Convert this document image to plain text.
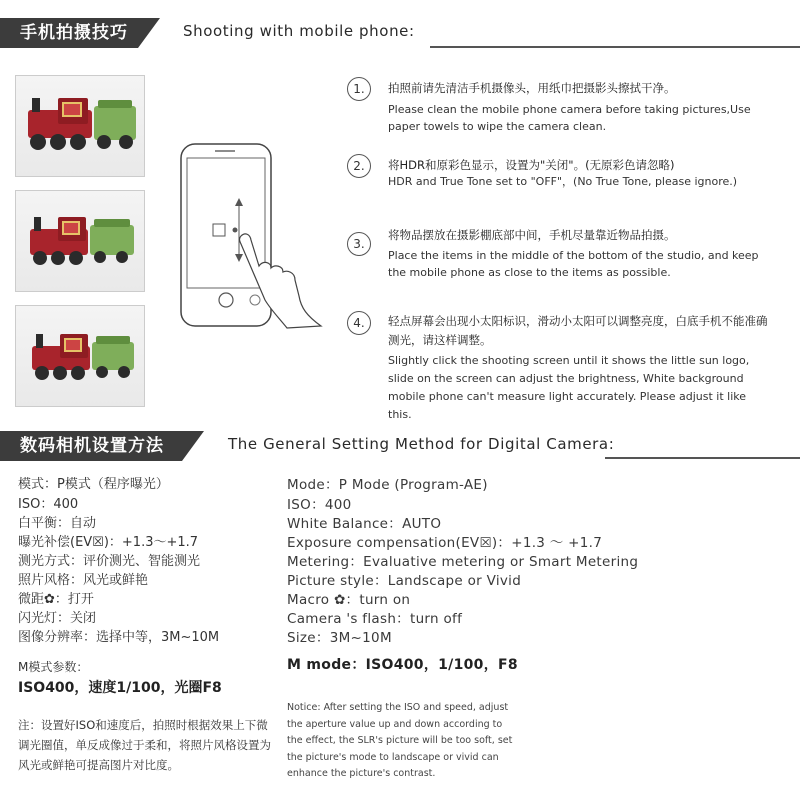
手机拍摄技巧	Shooting with mobile phone:
1.	拍照前请先清洁手机摄像头，用纸巾把摄影头擦拭干净。
Please clean the mobile phone camera before taking pictures,Use paper towels to wipe the camera clean.
2.	将HDR和原彩色显示，设置为"关闭"。(无原彩色请忽略)
HDR and True Tone set to "OFF"，(No True Tone, please ignore.)
3.
将物品摆放在摄影棚底部中间，手机尽量靠近物品拍摄。
Place the items in the middle of the bottom of the studio, and keep the mobile phone as close to the items as possible.
4.	轻点屏幕会出现小太阳标识，滑动小太阳可以调整亮度，白底手机不能准确测光，请这样调整。
Slightly click the shooting screen until it shows the little sun logo, slide on the screen can adjust the brightness, White background mobile phone can't measure light accurately. Please adjust it like this.
数码相机设置方法	The General Setting Method for Digital Camera:
模式：P模式（程序曝光）
ISO：400
白平衡：自动
曝光补偿(EV☒)：+1.3～+1.7
测光方式：评价测光、智能测光
照片风格：风光或鲜艳
微距✿：打开
闪光灯：关闭
图像分辨率：选择中等，3M~10M
M模式参数：
ISO400，速度1/100，光圈F8
Mode：P Mode (Program-AE)
ISO：400
White Balance：AUTO
Exposure compensation(EV☒)：+1.3 ～ +1.7
Metering：Evaluative metering or Smart Metering
Picture style：Landscape or Vivid
Macro ✿：turn on
Camera 's flash：turn off
Size：3M~10M
M mode：ISO400，1/100，F8
注：设置好ISO和速度后，拍照时根据效果上下微调光圈值，单反成像过于柔和，将照片风格设置为风光或鲜艳可提高图片对比度。
Notice: After setting the ISO and speed, adjust the aperture value up and down according to the effect, the SLR's picture will be too soft, set the picture's mode to landscape or vivid can enhance the picture's contrast.
